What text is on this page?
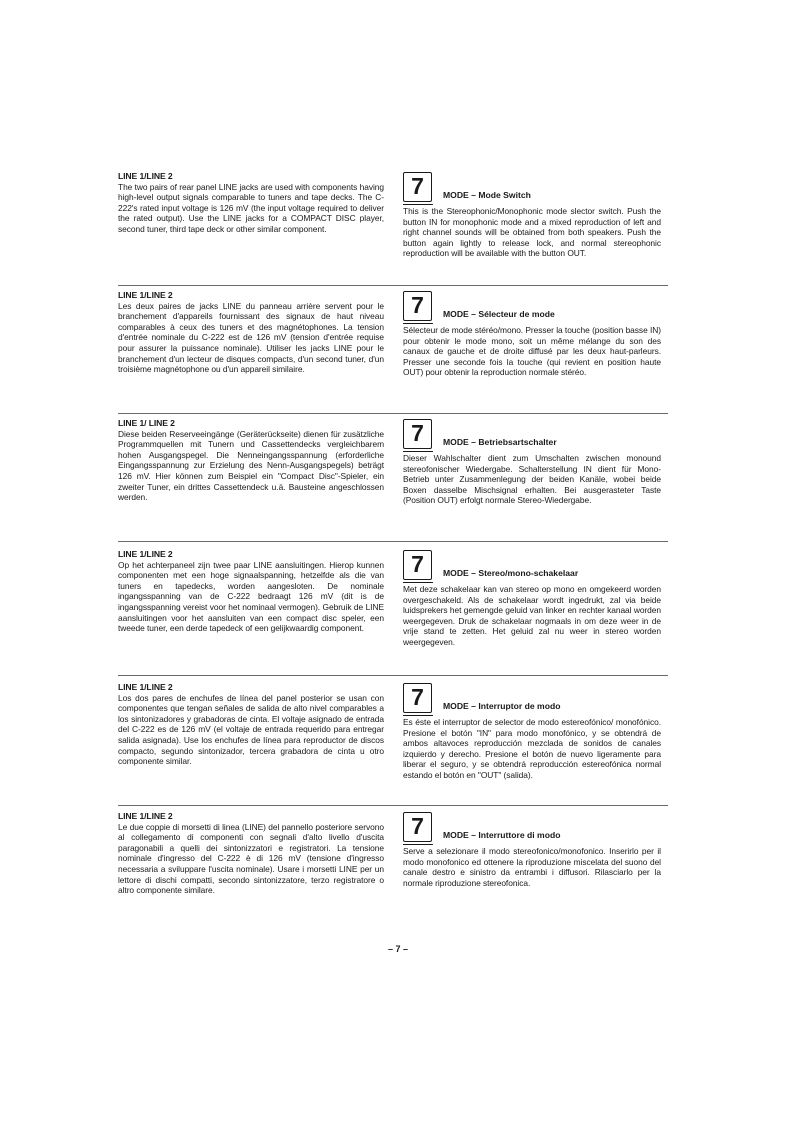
LINE 1/LINE 2
The two pairs of rear panel LINE jacks are used with components having high-level output signals comparable to tuners and tape decks. The C-222's rated input voltage is 126 mV (the input voltage required to deliver the rated output). Use the LINE jacks for a COMPACT DISC player, second tuner, third tape deck or other similar component.
7	MODE – Mode Switch
This is the Stereophonic/Monophonic mode slector switch. Push the button IN for monophonic mode and a mixed reproduction of left and right channel sounds will be obtained from both speakers. Push the button again lightly to release lock, and normal stereophonic reproduction will be available with the button OUT.
LINE 1/LINE 2
Les deux paires de jacks LINE du panneau arrière servent pour le branchement d'appareils fournissant des signaux de haut niveau comparables à ceux des tuners et des magnétophones. La tension d'entrée nominale du C-222 est de 126 mV (tension d'entrée requise pour assurer la puissance nominale). Utiliser les jacks LINE pour le branchement d'un lecteur de disques compacts, d'un second tuner, d'un troisième magnétophone ou d'un appareil similaire.
7	MODE – Sélecteur de mode
Sélecteur de mode stéréo/mono. Presser la touche (position basse IN) pour obtenir le mode mono, soit un même mélange du son des canaux de gauche et de droite diffusé par les deux haut-parleurs. Presser une seconde fois la touche (qui revient en position haute OUT) pour obtenir la reproduction normale stéréo.
LINE 1/ LINE 2
Diese beiden Reserveeingänge (Geräterückseite) dienen für zusätzliche Programmquellen mit Tunern und Cassettendecks vergleichbarem hohen Ausgangspegel. Die Nenneingangsspannung (erforderliche Eingangsspannung zur Erzielung des Nenn-Ausgangspegels) beträgt 126 mV. Hier können zum Beispiel ein "Compact Disc"-Spieler, ein zweiter Tuner, ein drittes Cassettendeck u.ä. Bausteine angeschlossen werden.
7	MODE – Betriebsartschalter
Dieser Wahlschalter dient zum Umschalten zwischen monound stereofonischer Wiedergabe. Schalterstellung IN dient für Mono-Betrieb unter Zusammenlegung der beiden Kanäle, wobei beide Boxen dasselbe Mischsignal erhalten. Bei ausgerasteter Taste (Position OUT) erfolgt normale Stereo-Wiedergabe.
LINE 1/LINE 2
Op het achterpaneel zijn twee paar LINE aansluitingen. Hierop kunnen componenten met een hoge signaalspanning, hetzelfde als die van tuners en tapedecks, worden aangesloten. De nominale ingangsspanning van de C-222 bedraagt 126 mV (dit is de ingangsspanning vereist voor het nominaal vermogen). Gebruik de LINE aansluitingen voor het aansluiten van een compact disc speler, een tweede tuner, een derde tapedeck of een gelijkwaardig component.
7	MODE – Stereo/mono-schakelaar
Met deze schakelaar kan van stereo op mono en omgekeerd worden overgeschakeld. Als de schakelaar wordt ingedrukt, zal via beide luidsprekers het gemengde geluid van linker en rechter kanaal worden weergegeven. Druk de schakelaar nogmaals in om deze weer in de vrije stand te zetten. Het geluid zal nu weer in stereo worden weergegeven.
LINE 1/LINE 2
Los dos pares de enchufes de línea del panel posterior se usan con componentes que tengan señales de salida de alto nivel comparables a los sintonizadores y grabadoras de cinta. El voltaje asignado de entrada del C-222 es de 126 mV (el voltaje de entrada requerido para entregar salida asignada). Use los enchufes de línea para reproductor de discos compacto, segundo sintonizador, tercera grabadora de cinta u otro componente similar.
7	MODE – Interruptor de modo
Es éste el interruptor de selector de modo estereofónico/ monofónico. Presione el botón "IN" para modo monofónico, y se obtendrá de ambos altavoces reproducción mezclada de sonidos de canales izquierdo y derecho. Presione el botón de nuevo ligeramente para liberar el seguro, y se obtendrá reproducción estereofónica normal estando el botón en "OUT" (salida).
LINE 1/LINE 2
Le due coppie di morsetti di linea (LINE) del pannello posteriore servono al collegamento di componenti con segnali d'alto livello d'uscita paragonabili a quelli dei sintonizzatori e registratori. La tensione nominale d'ingresso del C-222 è di 126 mV (tensione d'ingresso necessaria a sviluppare l'uscita nominale). Usare i morsetti LINE per un lettore di dischi compatti, secondo sintonizzatore, terzo registratore o altro componente similare.
7	MODE – Interruttore di modo
Serve a selezionare il modo stereofonico/monofonico. Inserirlo per il modo monofonico ed ottenere la riproduzione miscelata del suono del canale destro e sinistro da entrambi i diffusori. Rilasciarlo per la normale riproduzione stereofonica.
– 7 –
